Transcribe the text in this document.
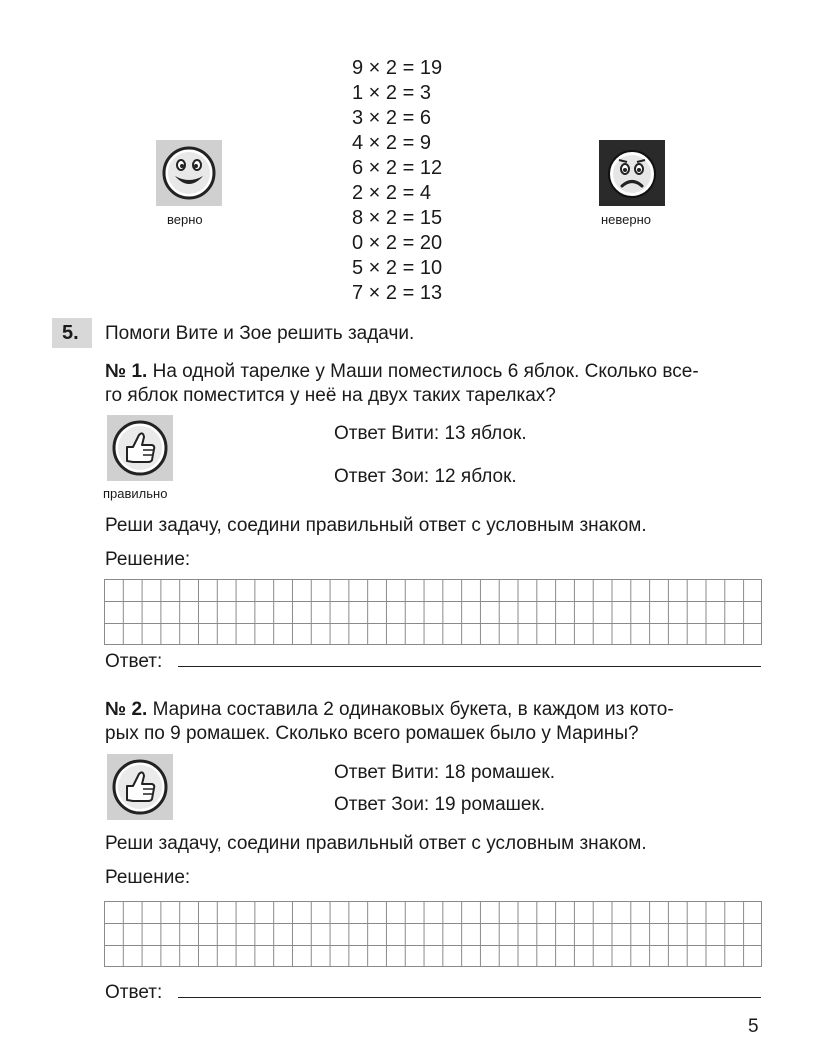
9 × 2 = 19
1 × 2 = 3
3 × 2 = 6
4 × 2 = 9
6 × 2 = 12
2 × 2 = 4
8 × 2 = 15
0 × 2 = 20
5 × 2 = 10
7 × 2 = 13
верно	неверно
5.	Помоги Вите и Зое решить задачи.
№ 1. На одной тарелке у Маши поместилось 6 яблок. Сколько все-
го яблок поместится у неё на двух таких тарелках?
правильно
Ответ Вити: 13 яблок.
Ответ Зои: 12 яблок.
Реши задачу, соедини правильный ответ с условным знаком.
Решение:
Ответ:
№ 2. Марина составила 2 одинаковых букета, в каждом из кото-
рых по 9 ромашек. Сколько всего ромашек было у Марины?
Ответ Вити: 18 ромашек.
Ответ Зои: 19 ромашек.
Реши задачу, соедини правильный ответ с условным знаком.
Решение:
Ответ:
5
